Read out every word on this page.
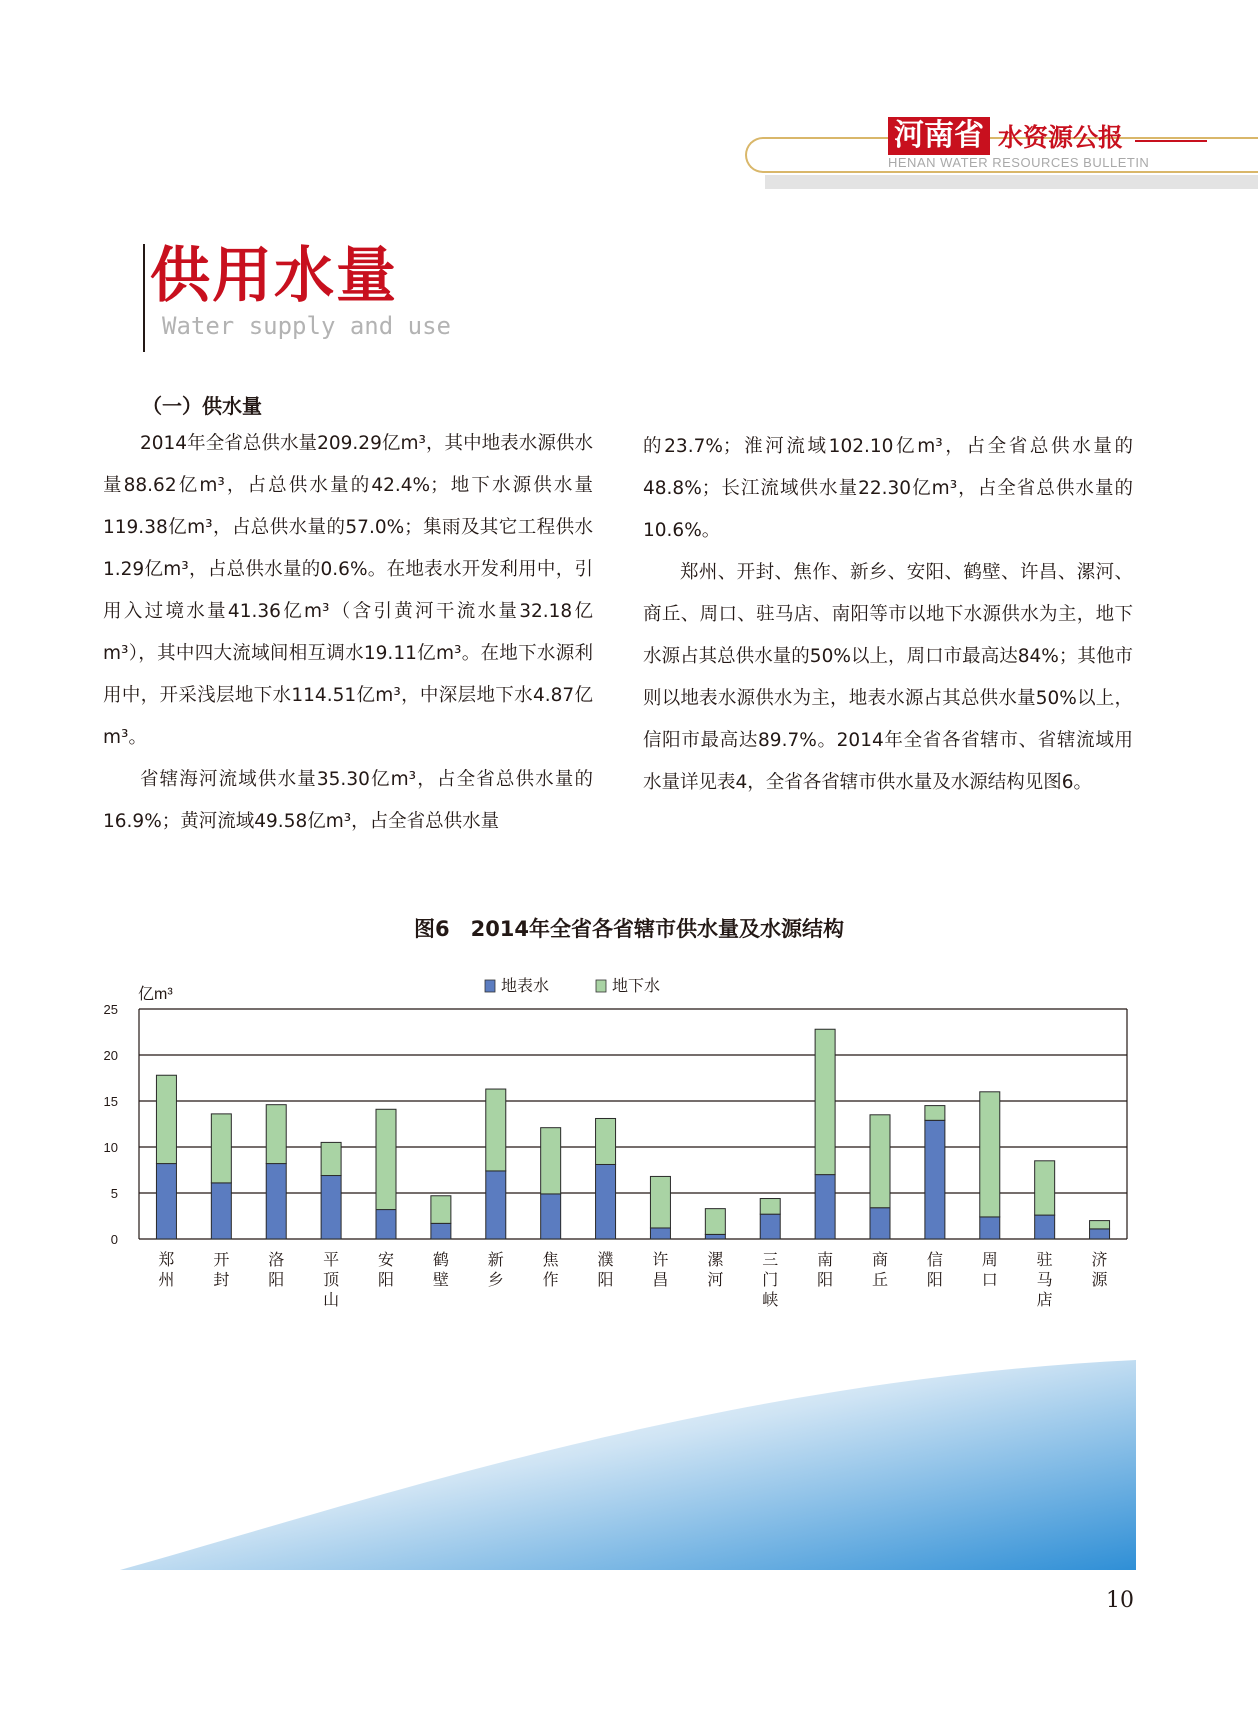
河南省 水资源公报
HENAN WATER RESOURCES BULLETIN
供用水量
Water supply and use
（一）供水量

2014年全省总供水量209.29亿m³，其中地表水源供水量88.62亿m³，占总供水量的42.4%；地下水源供水量119.38亿m³，占总供水量的57.0%；集雨及其它工程供水1.29亿m³，占总供水量的0.6%。在地表水开发利用中，引用入过境水量41.36亿m³（含引黄河干流水量32.18亿m³），其中四大流域间相互调水19.11亿m³。在地下水源利用中，开采浅层地下水114.51亿m³，中深层地下水4.87亿m³。

省辖海河流域供水量35.30亿m³，占全省总供水量的16.9%；黄河流域49.58亿m³，占全省总供水量

的23.7%；淮河流域102.10亿m³，占全省总供水量的48.8%；长江流域供水量22.30亿m³，占全省总供水量的10.6%。

郑州、开封、焦作、新乡、安阳、鹤壁、许昌、漯河、商丘、周口、驻马店、南阳等市以地下水源供水为主，地下水源占其总供水量的50%以上，周口市最高达84%；其他市则以地表水源供水为主，地表水源占其总供水量50%以上，信阳市最高达89.7%。2014年全省各省辖市、省辖流域用水量详见表4，全省各省辖市供水量及水源结构见图6。

图6　2014年全省各省辖市供水量及水源结构
亿m³	地表水	地下水
0
5
10
15
20
25
郑
州
开
封
洛
阳
平
顶
山
安
阳
鹤
壁
新
乡
焦
作
濮
阳
许
昌
漯
河
三
门
峡
南
阳
商
丘
信
阳
周
口
驻
马
店
济
源
10
